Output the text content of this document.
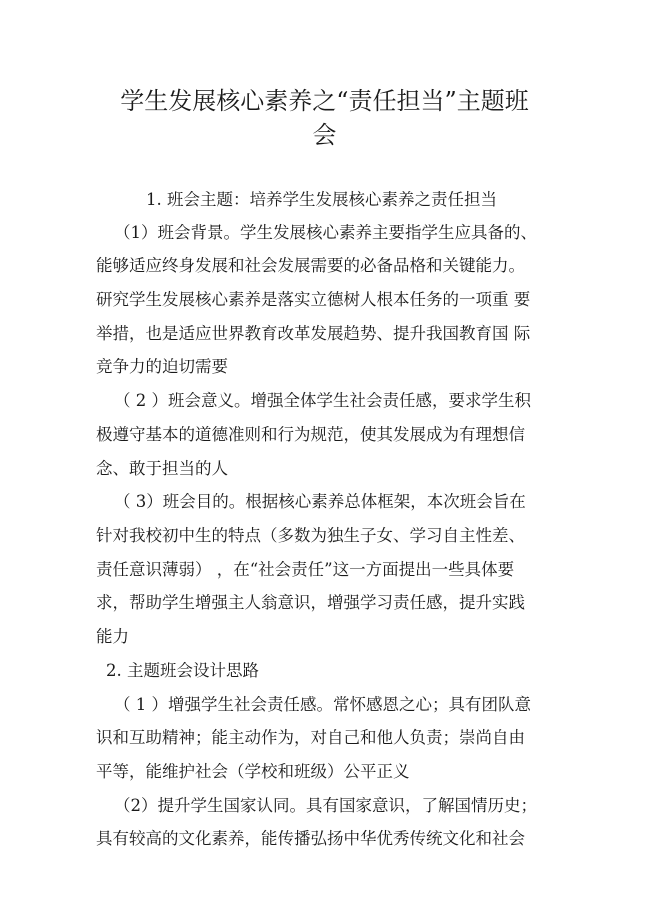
学生发展核心素养之“责任担当”主题班
会

1. 班会主题：培养学生发展核心素养之责任担当

（1）班会背景。学生发展核心素养主要指学生应具备的、

能够适应终身发展和社会发展需要的必备品格和关键能力。

研究学生发展核心素养是落实立德树人根本任务的一项重 要

举措，也是适应世界教育改革发展趋势、提升我国教育国 际

竞争力的迫切需要

（ 2 ）班会意义。增强全体学生社会责任感，要求学生积

极遵守基本的道德准则和行为规范，使其发展成为有理想信

念、敢于担当的人

（ 3）班会目的。根据核心素养总体框架，本次班会旨在

针对我校初中生的特点（多数为独生子女、学习自主性差、

责任意识薄弱） ，在“社会责任”这一方面提出一些具体要

求，帮助学生增强主人翁意识，增强学习责任感，提升实践

能力

2. 主题班会设计思路

（ 1 ）增强学生社会责任感。常怀感恩之心；具有团队意

识和互助精神；能主动作为，对自己和他人负责；崇尚自由

平等，能维护社会（学校和班级）公平正义

（2）提升学生国家认同。具有国家意识，了解国情历史；

具有较高的文化素养，能传播弘扬中华优秀传统文化和社会
